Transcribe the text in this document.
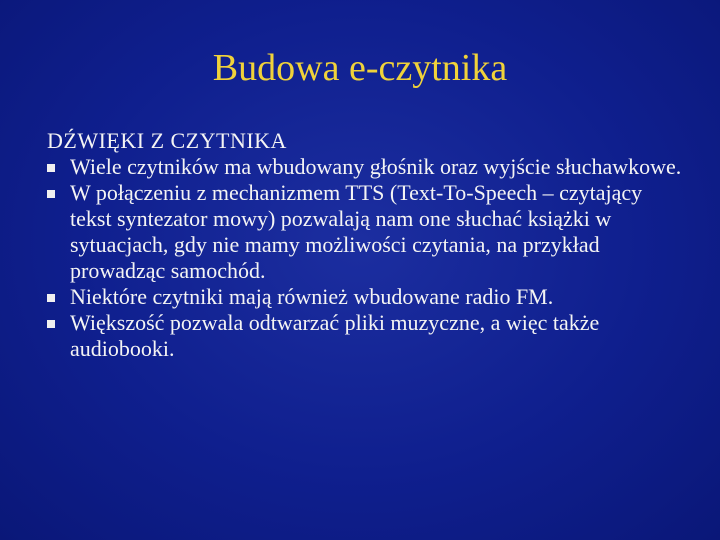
Budowa e-czytnika
DŹWIĘKI Z CZYTNIKA
Wiele czytników ma wbudowany głośnik oraz wyjście słuchawkowe.
W połączeniu z mechanizmem TTS (Text-To-Speech – czytający tekst syntezator mowy) pozwalają nam one słuchać książki w sytuacjach, gdy nie mamy możliwości czytania, na przykład prowadząc samochód.
Niektóre czytniki mają również wbudowane radio FM.
Większość pozwala odtwarzać pliki muzyczne, a więc także audiobooki.
